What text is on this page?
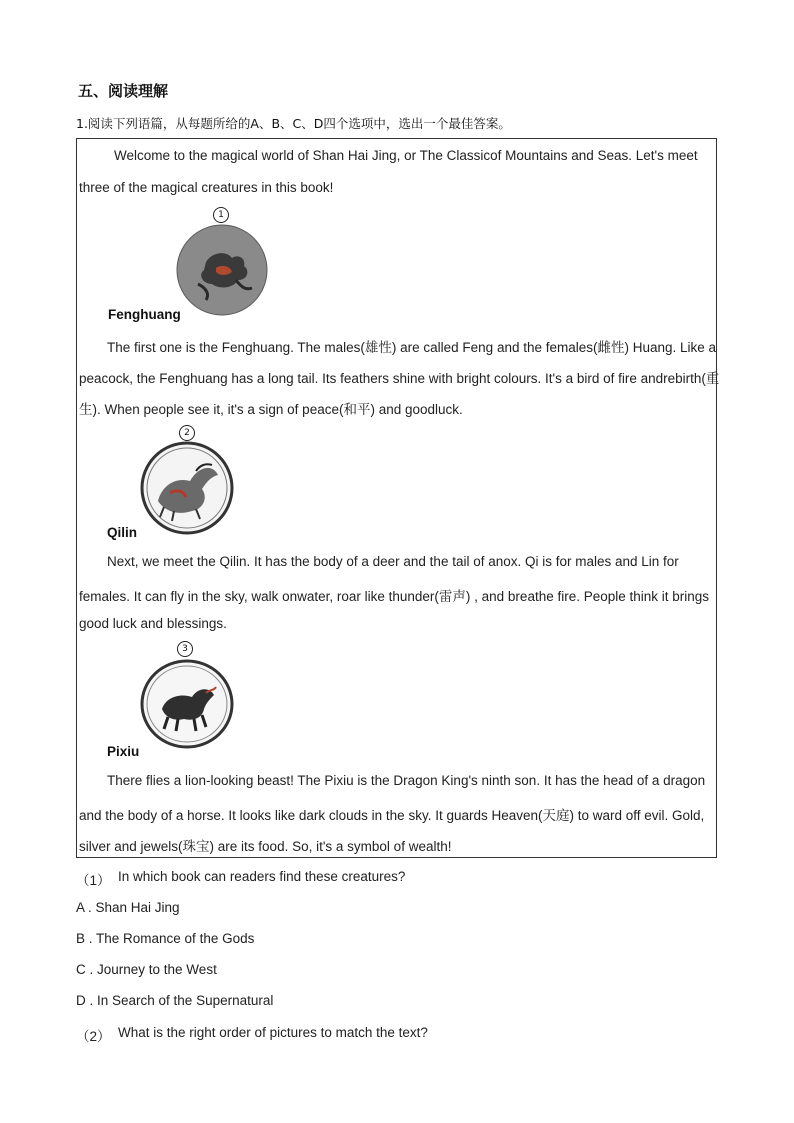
五、阅读理解
1.阅读下列语篇，从每题所给的A、B、C、D四个选项中，选出一个最佳答案。
Welcome to the magical world of Shan Hai Jing, or The Classicof Mountains and Seas. Let's meet
three of the magical creatures in this book!
1
Fenghuang
The first one is the Fenghuang. The males(雄性) are called Feng and the females(雌性) Huang. Like a
peacock, the Fenghuang has a long tail. Its feathers shine with bright colours. It's a bird of fire andrebirth(重
生). When people see it, it's a sign of peace(和平) and goodluck.
2
Qilin
Next, we meet the Qilin. It has the body of a deer and the tail of anox. Qi is for males and Lin for
females. It can fly in the sky, walk onwater, roar like thunder(雷声) , and breathe fire. People think it brings
good luck and blessings.
3
Pixiu
There flies a lion-looking beast! The Pixiu is the Dragon King's ninth son. It has the head of a dragon
and the body of a horse. It looks like dark clouds in the sky. It guards Heaven(天庭) to ward off evil. Gold,
silver and jewels(珠宝) are its food. So, it's a symbol of wealth!
（1） In which book can readers find these creatures?
A . Shan Hai Jing
B . The Romance of the Gods
C . Journey to the West
D . In Search of the Supernatural
（2） What is the right order of pictures to match the text?
